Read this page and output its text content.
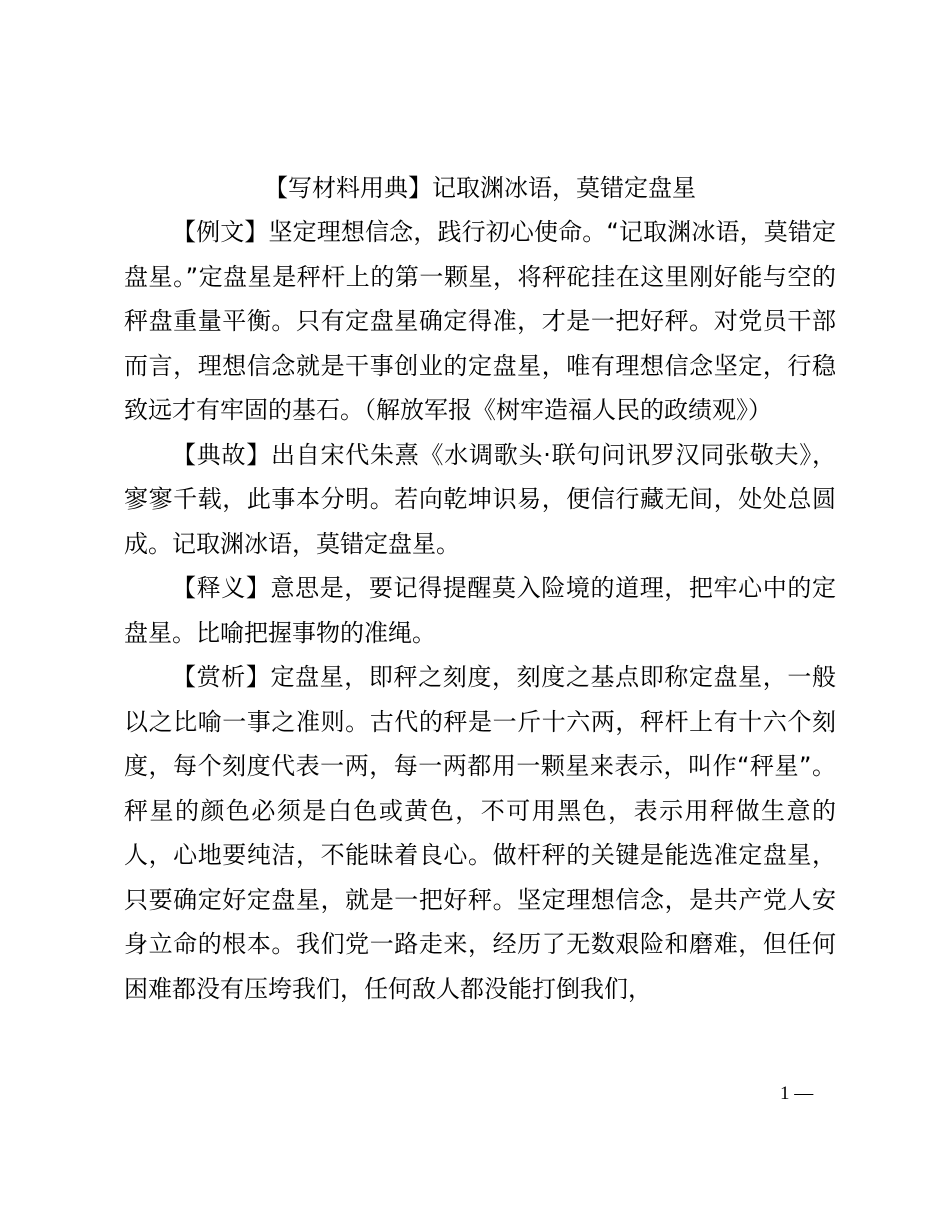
【写材料用典】记取渊冰语，莫错定盘星

【例文】坚定理想信念，践行初心使命。“记取渊冰语，莫错定盘星。”定盘星是秤杆上的第一颗星，将秤砣挂在这里刚好能与空的秤盘重量平衡。只有定盘星确定得准，才是一把好秤。对党员干部而言，理想信念就是干事创业的定盘星，唯有理想信念坚定，行稳致远才有牢固的基石。（解放军报《树牢造福人民的政绩观》）

【典故】出自宋代朱熹《水调歌头·联句问讯罗汉同张敬夫》，寥寥千载，此事本分明。若向乾坤识易，便信行藏无间，处处总圆成。记取渊冰语，莫错定盘星。

【释义】意思是，要记得提醒莫入险境的道理，把牢心中的定盘星。比喻把握事物的准绳。

【赏析】定盘星，即秤之刻度，刻度之基点即称定盘星，一般以之比喻一事之准则。古代的秤是一斤十六两，秤杆上有十六个刻度，每个刻度代表一两，每一两都用一颗星来表示，叫作“秤星”。秤星的颜色必须是白色或黄色，不可用黑色，表示用秤做生意的人，心地要纯洁，不能昧着良心。做杆秤的关键是能选准定盘星，只要确定好定盘星，就是一把好秤。坚定理想信念，是共产党人安身立命的根本。我们党一路走来，经历了无数艰险和磨难，但任何困难都没有压垮我们，任何敌人都没能打倒我们，

1 —
